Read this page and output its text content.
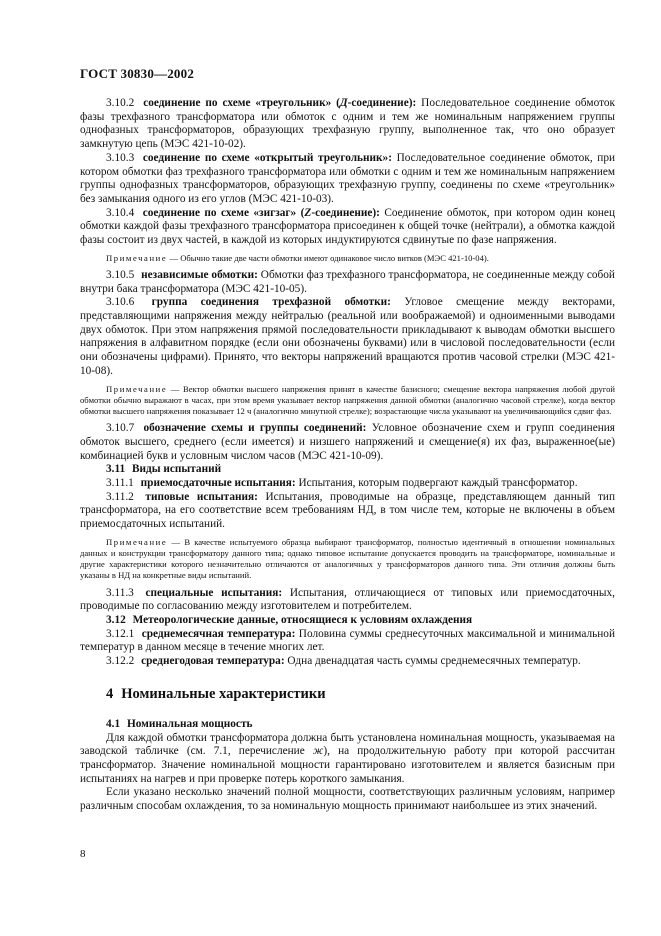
ГОСТ 30830—2002

3.10.2 соединение по схеме «треугольник» (Д-соединение): Последовательное соединение обмоток фазы трехфазного трансформатора или обмоток с одним и тем же номинальным напряжением группы однофазных трансформаторов, образующих трехфазную группу, выполненное так, что оно образует замкнутую цепь (МЭС 421-10-02).

3.10.3 соединение по схеме «открытый треугольник»: Последовательное соединение обмоток, при котором обмотки фаз трехфазного трансформатора или обмотки с одним и тем же номинальным напряжением группы однофазных трансформаторов, образующих трехфазную группу, соединены по схеме «треугольник» без замыкания одного из его углов (МЭС 421-10-03).

3.10.4 соединение по схеме «зигзаг» (Z-соединение): Соединение обмоток, при котором один конец обмотки каждой фазы трехфазного трансформатора присоединен к общей точке (нейтрали), а обмотка каждой фазы состоит из двух частей, в каждой из которых индуктируются сдвинутые по фазе напряжения.

Примечание — Обычно такие две части обмотки имеют одинаковое число витков (МЭС 421-10-04).

3.10.5 независимые обмотки: Обмотки фаз трехфазного трансформатора, не соединенные между собой внутри бака трансформатора (МЭС 421-10-05).

3.10.6 группа соединения трехфазной обмотки: Угловое смещение между векторами, представляющими напряжения между нейтралью (реальной или воображаемой) и одноименными выводами двух обмоток. При этом напряжения прямой последовательности прикладывают к выводам обмотки высшего напряжения в алфавитном порядке (если они обозначены буквами) или в числовой последовательности (если они обозначены цифрами). Принято, что векторы напряжений вращаются против часовой стрелки (МЭС 421-10-08).

Примечание — Вектор обмотки высшего напряжения принят в качестве базисного; смещение вектора напряжения любой другой обмотки обычно выражают в часах, при этом время указывает вектор напряжения данной обмотки (аналогично часовой стрелке), когда вектор обмотки высшего напряжения показывает 12 ч (аналогично минутной стрелке); возрастающие числа указывают на увеличивающийся сдвиг фаз.

3.10.7 обозначение схемы и группы соединений: Условное обозначение схем и групп соединения обмоток высшего, среднего (если имеется) и низшего напряжений и смещение(я) их фаз, выраженное(ые) комбинацией букв и условным числом часов (МЭС 421-10-09).

3.11 Виды испытаний

3.11.1 приемосдаточные испытания: Испытания, которым подвергают каждый трансформатор.

3.11.2 типовые испытания: Испытания, проводимые на образце, представляющем данный тип трансформатора, на его соответствие всем требованиям НД, в том числе тем, которые не включены в объем приемосдаточных испытаний.

Примечание — В качестве испытуемого образца выбирают трансформатор, полностью идентичный в отношении номинальных данных и конструкции трансформатору данного типа; однако типовое испытание допускается проводить на трансформаторе, номинальные и другие характеристики которого незначительно отличаются от аналогичных у трансформаторов данного типа. Эти отличия должны быть указаны в НД на конкретные виды испытаний.

3.11.3 специальные испытания: Испытания, отличающиеся от типовых или приемосдаточных, проводимые по согласованию между изготовителем и потребителем.

3.12 Метеорологические данные, относящиеся к условиям охлаждения

3.12.1 среднемесячная температура: Половина суммы среднесуточных максимальной и минимальной температур в данном месяце в течение многих лет.

3.12.2 среднегодовая температура: Одна двенадцатая часть суммы среднемесячных температур.

4 Номинальные характеристики

4.1 Номинальная мощность

Для каждой обмотки трансформатора должна быть установлена номинальная мощность, указываемая на заводской табличке (см. 7.1, перечисление ж), на продолжительную работу при которой рассчитан трансформатор. Значение номинальной мощности гарантировано изготовителем и является базисным при испытаниях на нагрев и при проверке потерь короткого замыкания.

Если указано несколько значений полной мощности, соответствующих различным условиям, например различным способам охлаждения, то за номинальную мощность принимают наибольшее из этих значений.

8
